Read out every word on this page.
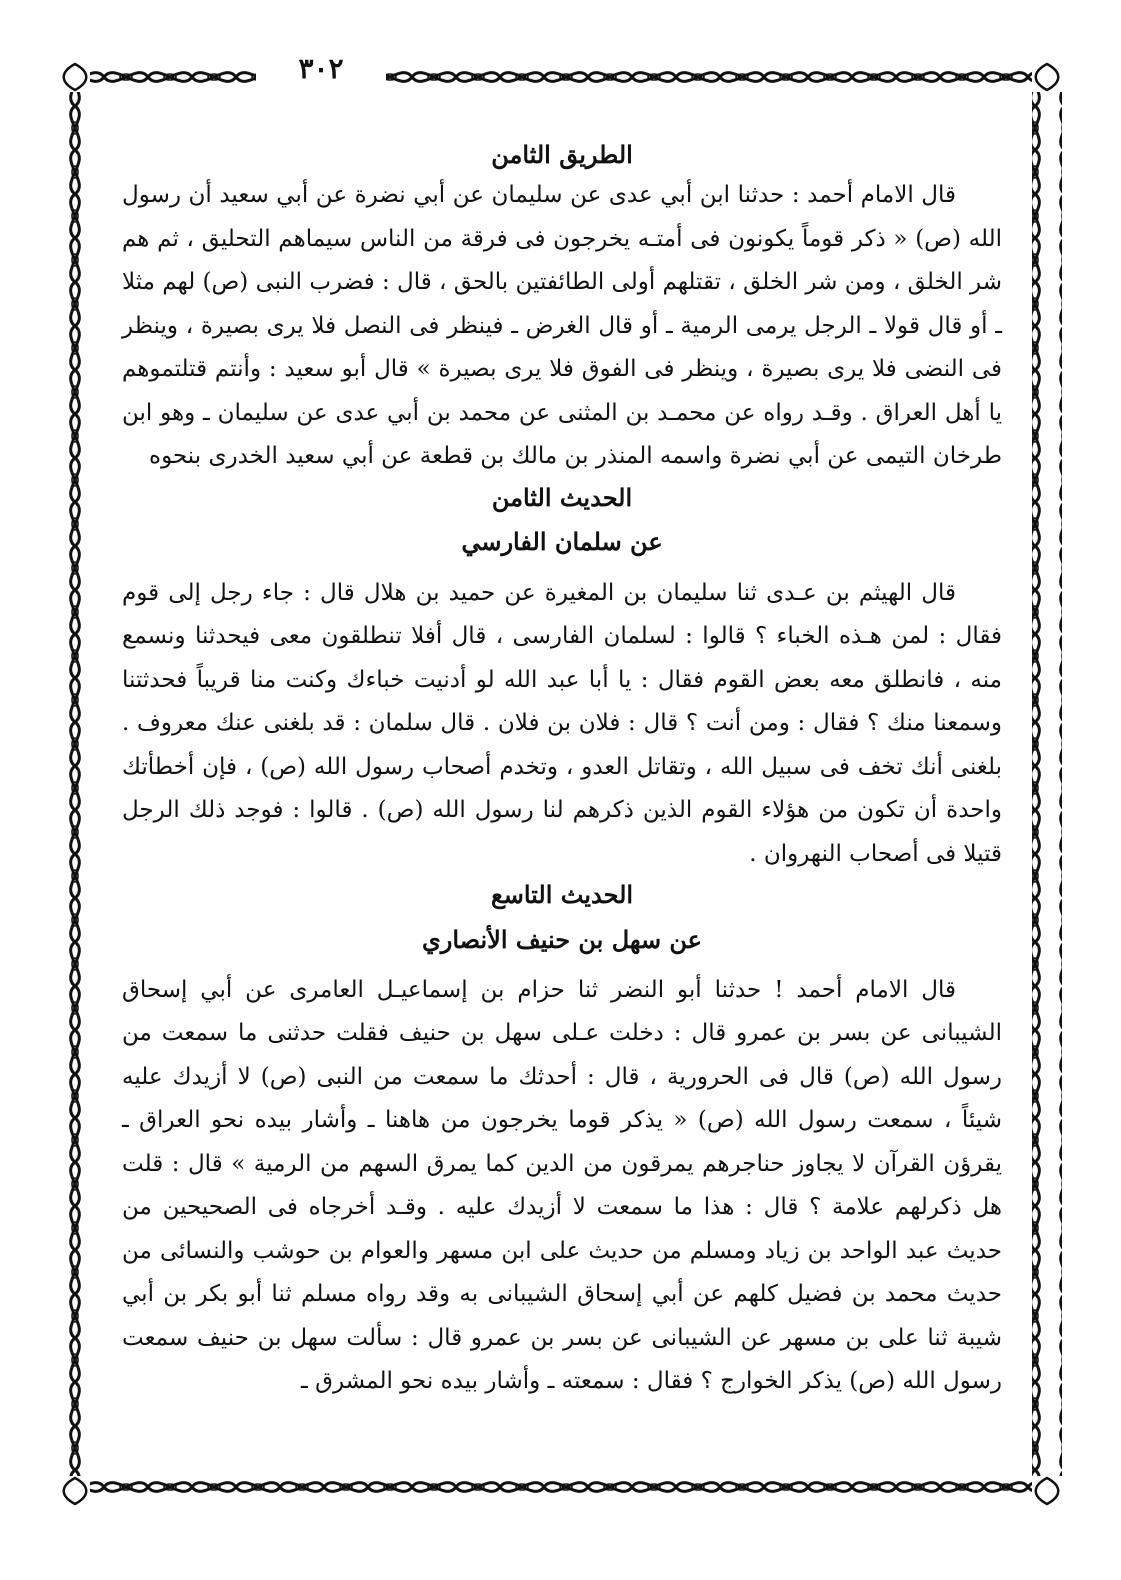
٣٠٢
الطريق الثامن

قال الامام أحمد : حدثنا ابن أبي عدى عن سليمان عن أبي نضرة عن أبي سعيد أن رسول الله (ص) « ذكر قوماً يكونون فى أمتـه يخرجون فى فرقة من الناس سيماهم التحليق ، ثم هم شر الخلق ، ومن شر الخلق ، تقتلهم أولى الطائفتين بالحق ، قال : فضرب النبى (ص) لهم مثلا ـ أو قال قولا ـ الرجل يرمى الرمية ـ أو قال الغرض ـ فينظر فى النصل فلا يرى بصيرة ، وينظر فى النضى فلا يرى بصيرة ، وينظر فى الفوق فلا يرى بصيرة » قال أبو سعيد : وأنتم قتلتموهم يا أهل العراق . وقـد رواه عن محمـد بن المثنى عن محمد بن أبي عدى عن سليمان ـ وهو ابن طرخان التيمى عن أبي نضرة واسمه المنذر بن مالك بن قطعة عن أبي سعيد الخدرى بنحوه

الحديث الثامن
عن سلمان الفارسي

قال الهيثم بن عـدى ثنا سليمان بن المغيرة عن حميد بن هلال قال : جاء رجل إلى قوم فقال : لمن هـذه الخباء ؟ قالوا : لسلمان الفارسى ، قال أفلا تنطلقون معى فيحدثنا ونسمع منه ، فانطلق معه بعض القوم فقال : يا أبا عبد الله لو أدنيت خباءك وكنت منا قريباً فحدثتنا وسمعنا منك ؟ فقال : ومن أنت ؟ قال : فلان بن فلان . قال سلمان : قد بلغنى عنك معروف . بلغنى أنك تخف فى سبيل الله ، وتقاتل العدو ، وتخدم أصحاب رسول الله (ص) ، فإن أخطأتك واحدة أن تكون من هؤلاء القوم الذين ذكرهم لنا رسول الله (ص) . قالوا : فوجد ذلك الرجل قتيلا فى أصحاب النهروان .

الحديث التاسع
عن سهل بن حنيف الأنصاري

قال الامام أحمد ! حدثنا أبو النضر ثنا حزام بن إسماعيـل العامرى عن أبي إسحاق الشيبانى عن بسر بن عمرو قال : دخلت عـلى سهل بن حنيف فقلت حدثنى ما سمعت من رسول الله (ص) قال فى الحرورية ، قال : أحدثك ما سمعت من النبى (ص) لا أزيدك عليه شيئاً ، سمعت رسول الله (ص) « يذكر قوما يخرجون من هاهنا ـ وأشار بيده نحو العراق ـ يقرؤن القرآن لا يجاوز حناجرهم يمرقون من الدين كما يمرق السهم من الرمية » قال : قلت هل ذكرلهم علامة ؟ قال : هذا ما سمعت لا أزيدك عليه . وقـد أخرجاه فى الصحيحين من حديث عبد الواحد بن زياد ومسلم من حديث على ابن مسهر والعوام بن حوشب والنسائى من حديث محمد بن فضيل كلهم عن أبي إسحاق الشيبانى به وقد رواه مسلم ثنا أبو بكر بن أبي شيبة ثنا على بن مسهر عن الشيبانى عن بسر بن عمرو قال : سألت سهل بن حنيف سمعت رسول الله (ص) يذكر الخوارج ؟ فقال : سمعته ـ وأشار بيده نحو المشرق ـ
